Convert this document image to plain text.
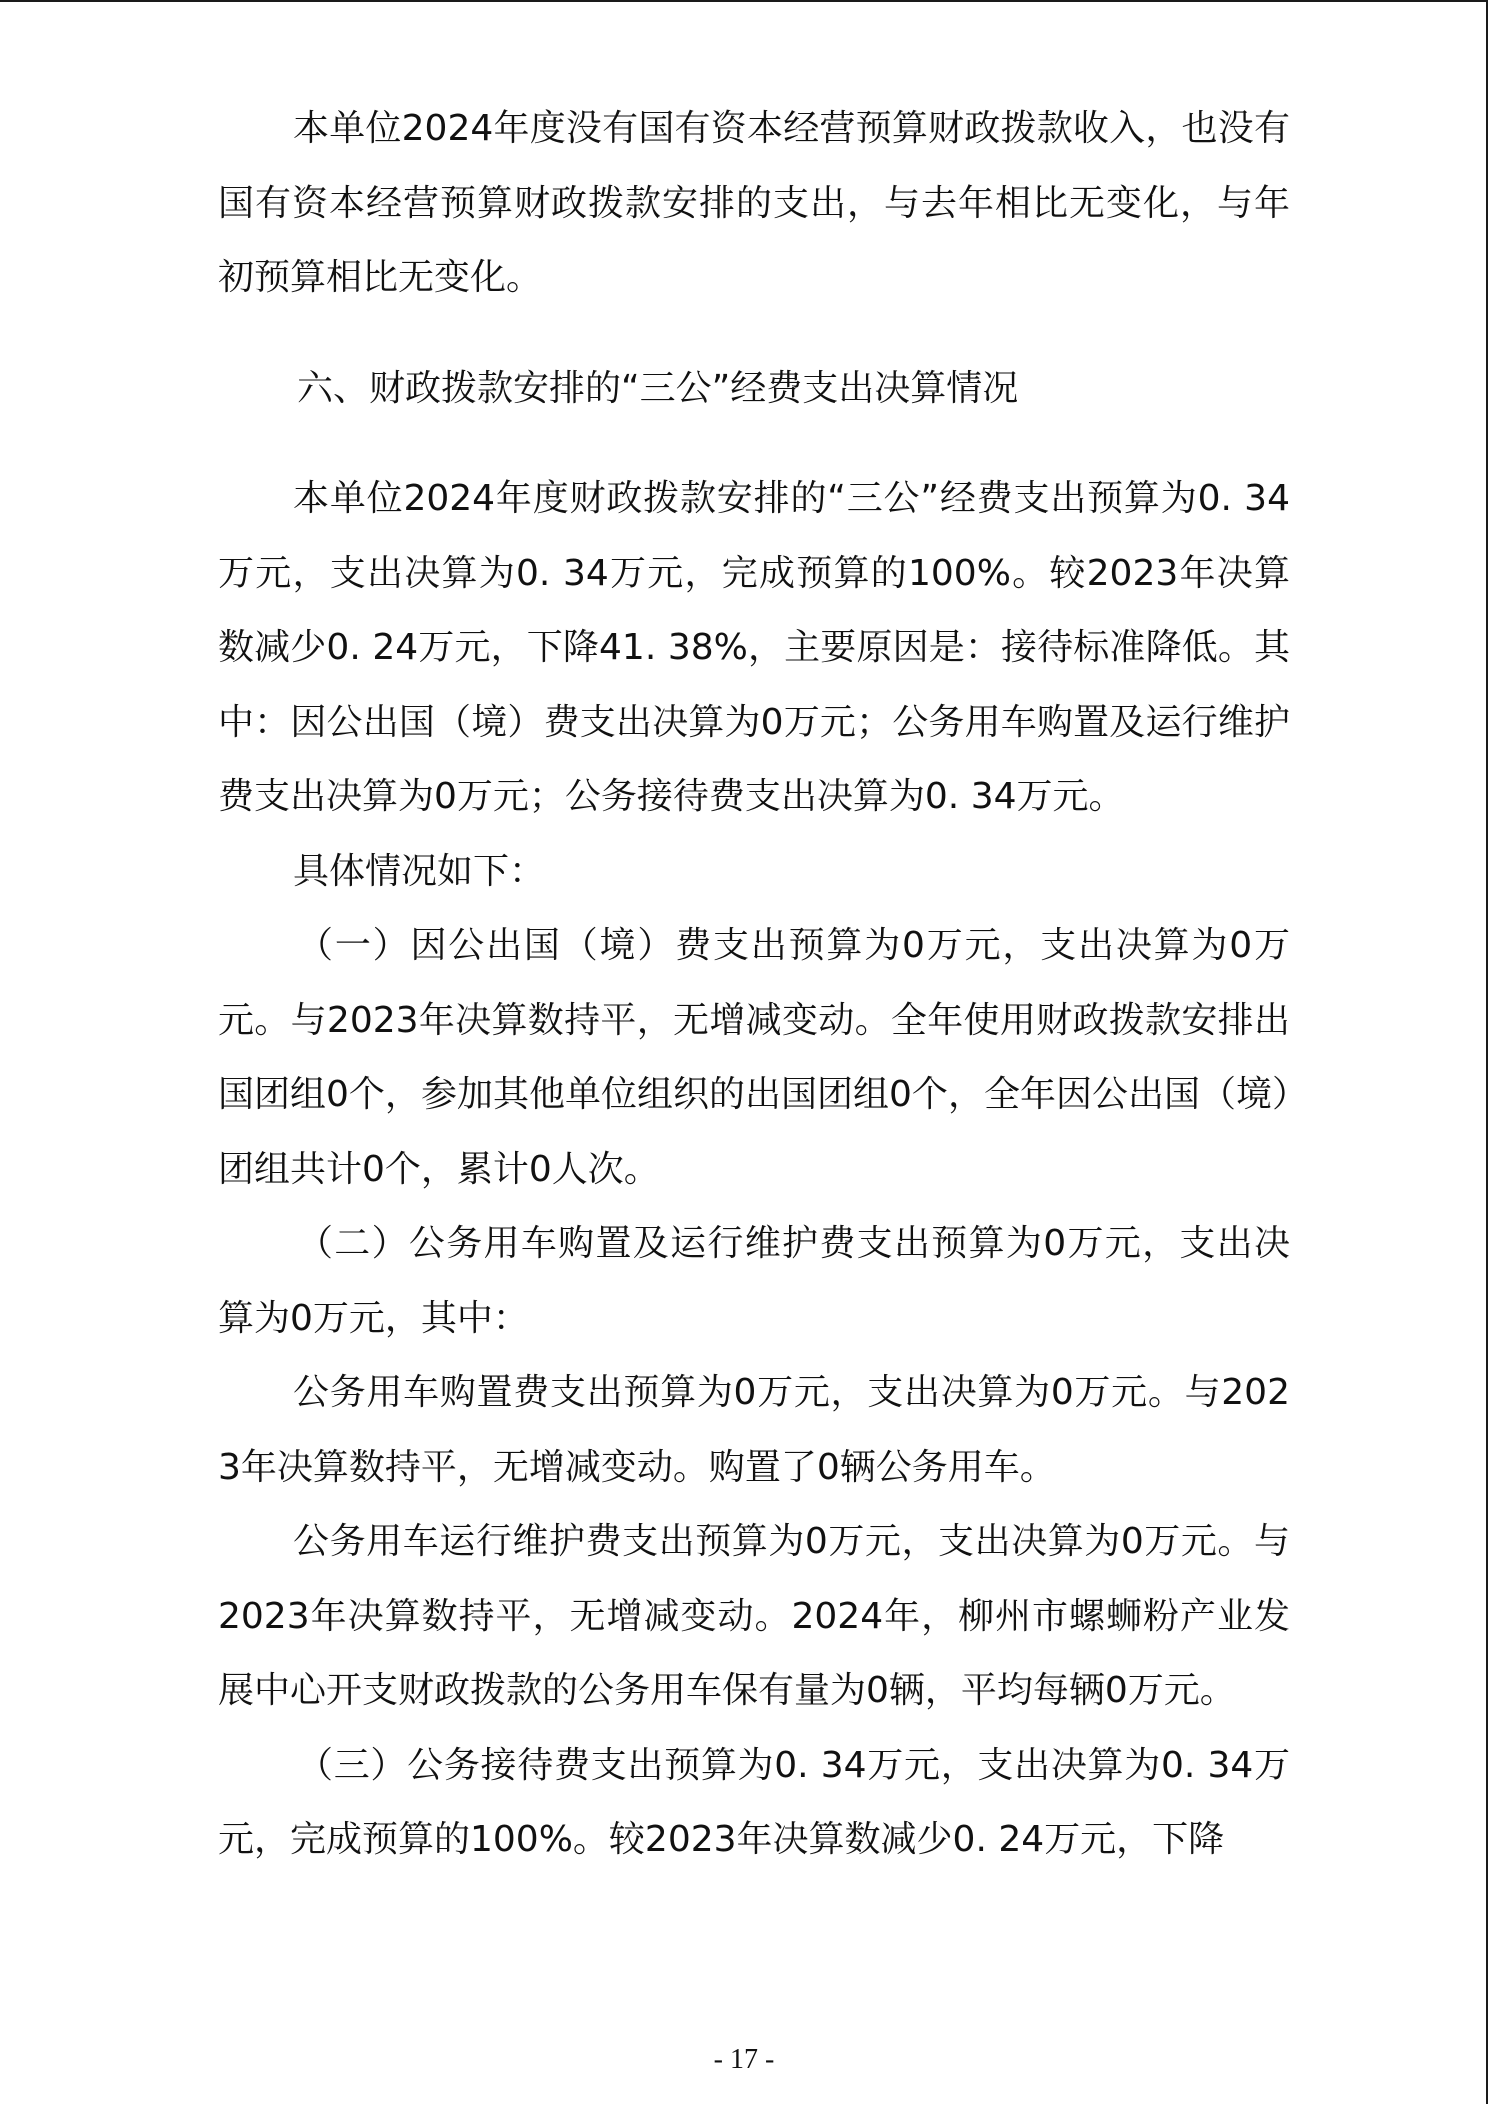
本单位2024年度没有国有资本经营预算财政拨款收入，也没有国有资本经营预算财政拨款安排的支出，与去年相比无变化，与年初预算相比无变化。

六、财政拨款安排的“三公”经费支出决算情况

本单位2024年度财政拨款安排的“三公”经费支出预算为0. 34万元，支出决算为0. 34万元，完成预算的100%。较2023年决算数减少0. 24万元，下降41. 38%，主要原因是：接待标准降低。其中：因公出国（境）费支出决算为0万元；公务用车购置及运行维护费支出决算为0万元；公务接待费支出决算为0. 34万元。

具体情况如下：

（一）因公出国（境）费支出预算为0万元，支出决算为0万元。与2023年决算数持平，无增减变动。全年使用财政拨款安排出国团组0个，参加其他单位组织的出国团组0个，全年因公出国（境）团组共计0个，累计0人次。

（二）公务用车购置及运行维护费支出预算为0万元，支出决算为0万元，其中：

公务用车购置费支出预算为0万元，支出决算为0万元。与2023年决算数持平，无增减变动。购置了0辆公务用车。

公务用车运行维护费支出预算为0万元，支出决算为0万元。与2023年决算数持平，无增减变动。2024年，柳州市螺蛳粉产业发展中心开支财政拨款的公务用车保有量为0辆，平均每辆0万元。

（三）公务接待费支出预算为0. 34万元，支出决算为0. 34万元，完成预算的100%。较2023年决算数减少0. 24万元，下降

- 17 -
